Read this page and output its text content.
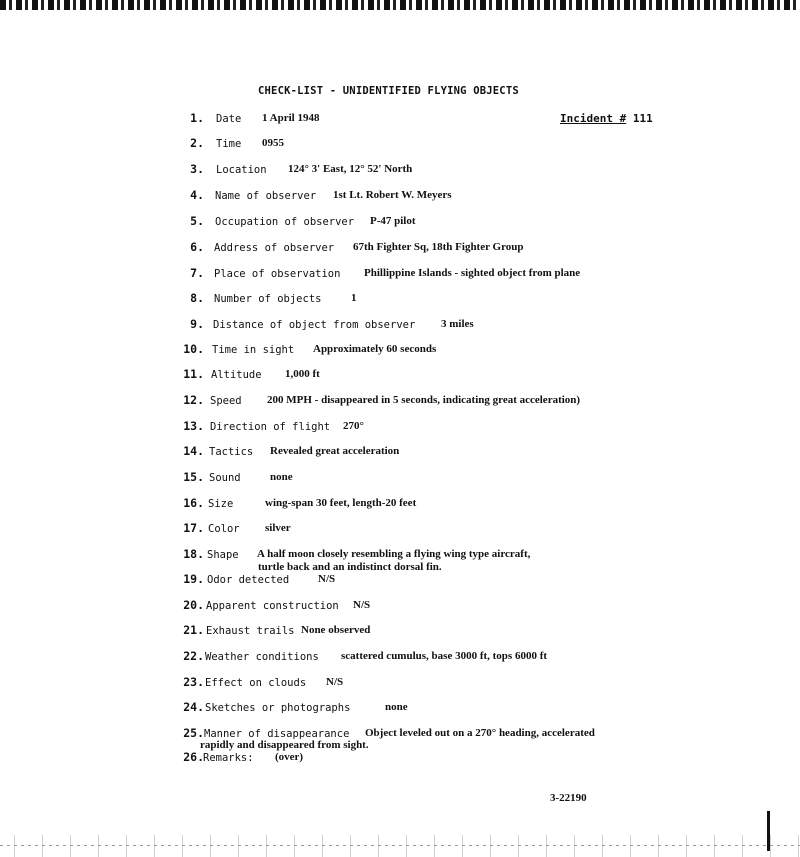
CHECK-LIST - UNIDENTIFIED FLYING OBJECTS
Incident # 111
1. Date 1 April 1948
2. Time 0955
3. Location 124° 3' East, 12° 52' North
4. Name of observer 1st Lt. Robert W. Meyers
5. Occupation of observer P-47 pilot
6. Address of observer 67th Fighter Sq, 18th Fighter Group
7. Place of observation Phillippine Islands - sighted object from plane
8. Number of objects	1
9. Distance of object from observer 3 miles
10. Time in sight Approximately 60 seconds
11. Altitude 1,000 ft
12. Speed 200 MPH - disappeared in 5 seconds, indicating great acceleration)
13. Direction of flight 270°
14. Tactics Revealed great acceleration
15. Sound	none
16. Size	wing-span 30 feet, length-20 feet
17. Color silver
18. Shape A half moon closely resembling a flying wing type aircraft,
turtle back and an indistinct dorsal fin.
19. Odor detected	N/S
20. Apparent construction N/S
21. Exhaust trails None observed
22. Weather conditions scattered cumulus, base 3000 ft, tops 6000 ft
23. Effect on clouds N/S
24. Sketches or photographs	none
25. Manner of disappearance Object leveled out on a 270° heading, accelerated
rapidly and disappeared from sight.
26. Remarks: (over)
3-22190
